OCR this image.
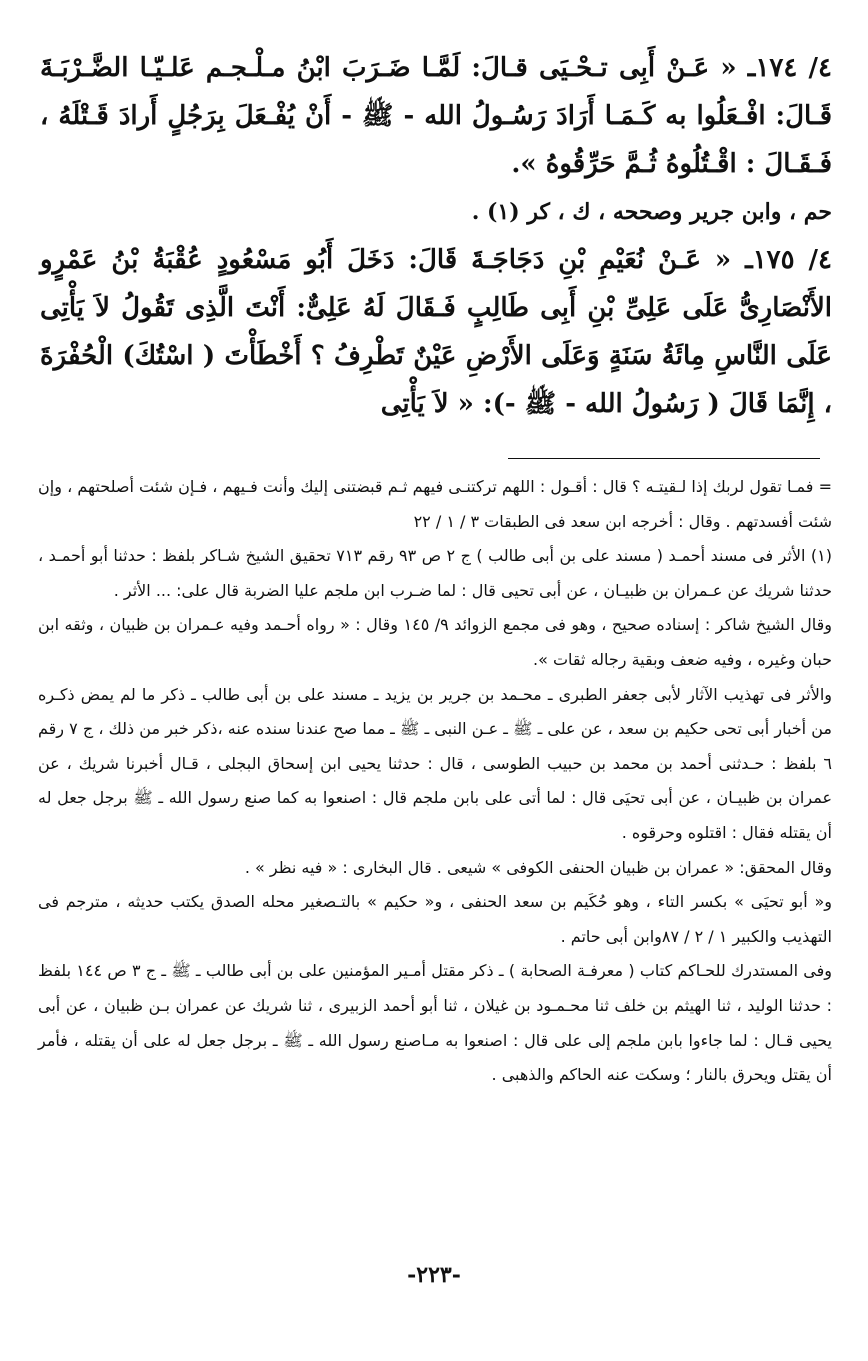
٤/ ١٧٤ـ « عَـنْ أَبِى تـحْـيَى قـالَ: لَمَّـا ضَـرَبَ ابْنُ مـلْـجـم عَلـيّـا الضَّـرْبَـةَ قَـالَ: افْـعَلُوا به كَـمَـا أَرَادَ رَسُـولُ الله - ﷺ - أَنْ يُفْـعَلَ بِرَجُلٍ أَرادَ قَـتْلَهُ ، فَـقَـالَ : اقْـتُلُوهُ ثُـمَّ حَرِّقُوهُ ».

حم ، وابن جرير وصححه ، ك ، كر (١) .

٤/ ١٧٥ـ « عَـنْ نُعَيْمِ بْنِ دَجَاجَـةَ قَالَ: دَخَلَ أَبُو مَسْعُودٍ عُقْبَةُ بْنُ عَمْرٍو الأَنْصَارِىُّ عَلَى عَلِىِّ بْنِ أَبِى طَالِبٍ فَـقَالَ لَهُ عَلِىٌّ: أَنْتَ الَّذِى تَقُولُ لاَ يَأْتِى عَلَى النَّاسِ مِائَةُ سَنَةٍ وَعَلَى الأَرْضِ عَيْنٌ تَطْرِفُ ؟ أَخْطَأْتَ ( اسْتُكَ) الْحُفْرَةَ ، إِنَّمَا قَالَ ( رَسُولُ الله - ﷺ -): « لاَ يَأْتِى

= فمـا تقول لربك إذا لـقيتـه ؟ قال : أقـول : اللهم تركتنـى فيهم ثـم قبضتنى إليك وأنت فـيهم ، فـإن شئت أصلحتهم ، وإن شئت أفسدتهم . وقال : أخرجه ابن سعد فى الطبقات ٣ / ١ / ٢٢

(١) الأثر فى مسند أحمـد ( مسند على بن أبى طالب ) ج ٢ ص ٩٣ رقم ٧١٣ تحقيق الشيخ شـاكر بلفظ : حدثنا أبو أحمـد ، حدثنا شريك عن عـمران بن ظبيـان ، عن أبى تحيى قال : لما ضـرب ابن ملجم عليا الضربة قال على: ... الأثر .

وقال الشيخ شاكر : إسناده صحيح ، وهو فى مجمع الزوائد ٩/ ١٤٥ وقال : « رواه أحـمد وفيه عـمران بن ظبيان ، وثقه ابن حبان وغيره ، وفيه ضعف وبقية رجاله ثقات ».

والأثر فى تهذيب الآثار لأبى جعفر الطبرى ـ محـمد بن جرير بن يزيد ـ مسند على بن أبى طالب ـ ذكر ما لم يمض ذكـره من أخبار أبى تحى حكيم بن سعد ، عن على ـ ﷺ ـ عـن النبى ـ ﷺ ـ مما صح عندنا سنده عنه ،ذكر خبر من ذلك ، ج ٧ رقم ٦ بلفظ : حـدثنى أحمد بن محمد بن حبيب الطوسى ، قال : حدثنا يحيى ابن إسحاق البجلى ، قـال أخبرنا شريك ، عن عمران بن ظبيـان ، عن أبى تحيَى قال : لما أتى على بابن ملجم قال : اصنعوا به كما صنع رسول الله ـ ﷺ برجل جعل له أن يقتله فقال : اقتلوه وحرقوه .

وقال المحقق: « عمران بن ظبيان الحنفى الكوفى » شيعى . قال البخارى : « فيه نظر » .

و« أبو تحيَى » بكسر التاء ، وهو حُكَيم بن سعد الحنفى ، و« حكيم » بالتـصغير محله الصدق يكتب حديثه ، مترجم فى التهذيب والكبير ١ / ٢ / ٨٧وابن أبى حاتم .

وفى المستدرك للحـاكم كتاب ( معرفـة الصحابة ) ـ ذكر مقتل أمـير المؤمنين على بن أبى طالب ـ ﷺ ـ ج ٣ ص ١٤٤ بلفظ : حدثنا الوليد ، ثنا الهيثم بن خلف ثنا محـمـود بن غيلان ، ثنا أبو أحمد الزبيرى ، ثنا شريك عن عمران بـن ظبيان ، عن أبى يحيى قـال : لما جاءوا بابن ملجم إلى على قال : اصنعوا به مـاصنع رسول الله ـ ﷺ ـ برجل جعل له على أن يقتله ، فأمر أن يقتل ويحرق بالنار ؛ وسكت عنه الحاكم والذهبى .

-٢٢٣-
